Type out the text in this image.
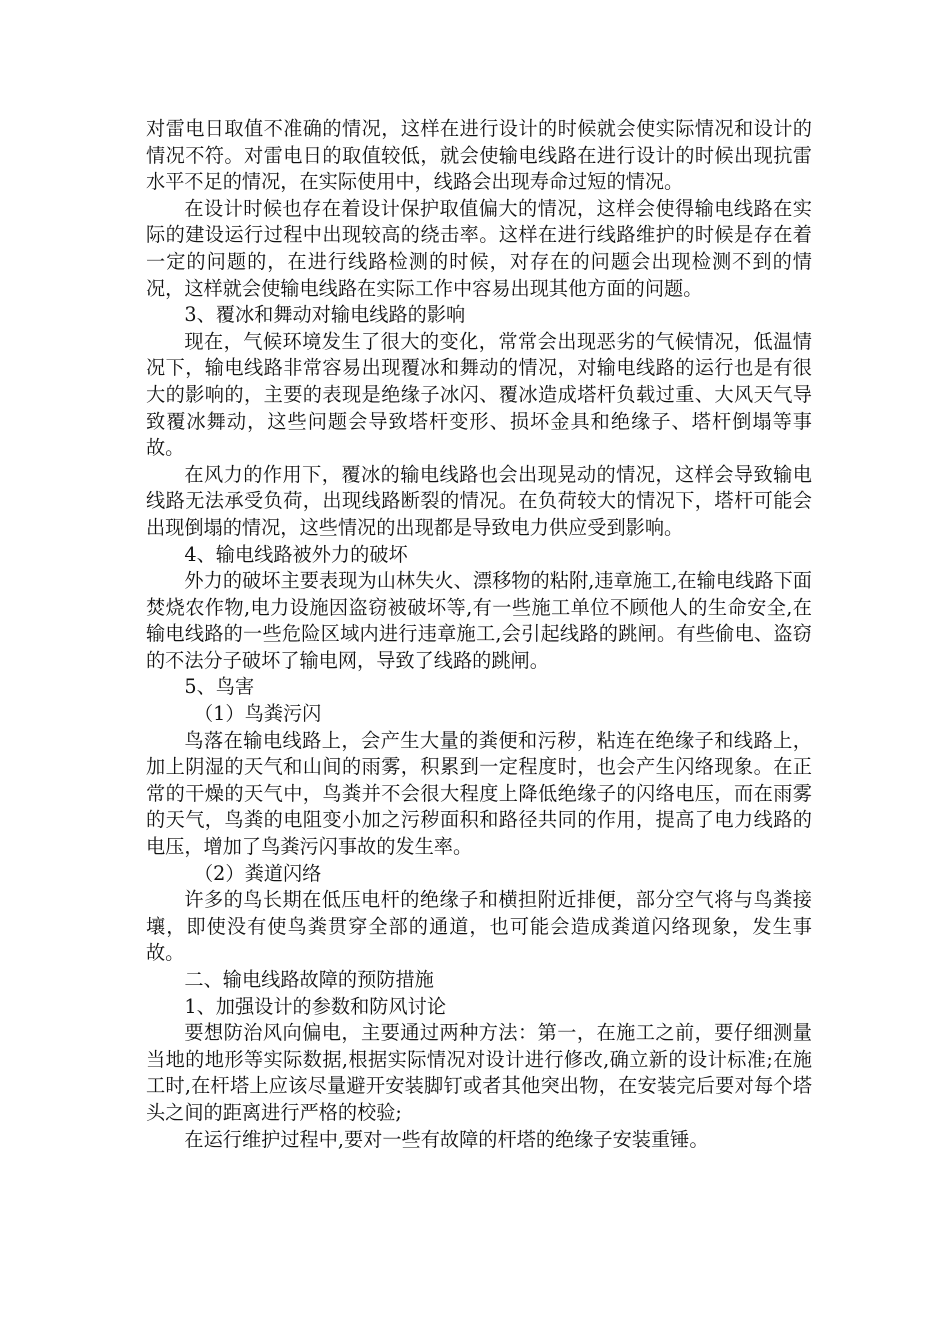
对雷电日取值不准确的情况，这样在进行设计的时候就会使实际情况和设计的情况不符。对雷电日的取值较低，就会使输电线路在进行设计的时候出现抗雷水平不足的情况，在实际使用中，线路会出现寿命过短的情况。

在设计时候也存在着设计保护取值偏大的情况，这样会使得输电线路在实际的建设运行过程中出现较高的绕击率。这样在进行线路维护的时候是存在着一定的问题的，在进行线路检测的时候，对存在的问题会出现检测不到的情况，这样就会使输电线路在实际工作中容易出现其他方面的问题。

3、覆冰和舞动对输电线路的影响

现在，气候环境发生了很大的变化，常常会出现恶劣的气候情况，低温情况下，输电线路非常容易出现覆冰和舞动的情况，对输电线路的运行也是有很大的影响的，主要的表现是绝缘子冰闪、覆冰造成塔杆负载过重、大风天气导致覆冰舞动，这些问题会导致塔杆变形、损坏金具和绝缘子、塔杆倒塌等事故。

在风力的作用下，覆冰的输电线路也会出现晃动的情况，这样会导致输电线路无法承受负荷，出现线路断裂的情况。在负荷较大的情况下，塔杆可能会出现倒塌的情况，这些情况的出现都是导致电力供应受到影响。

4、输电线路被外力的破坏

外力的破坏主要表现为山林失火、漂移物的粘附,违章施工,在输电线路下面焚烧农作物,电力设施因盗窃被破坏等,有一些施工单位不顾他人的生命安全,在输电线路的一些危险区域内进行违章施工,会引起线路的跳闸。有些偷电、盗窃的不法分子破坏了输电网，导致了线路的跳闸。

5、鸟害

（1）鸟粪污闪

鸟落在输电线路上，会产生大量的粪便和污秽，粘连在绝缘子和线路上，加上阴湿的天气和山间的雨雾，积累到一定程度时，也会产生闪络现象。在正常的干燥的天气中，鸟粪并不会很大程度上降低绝缘子的闪络电压，而在雨雾的天气，鸟粪的电阻变小加之污秽面积和路径共同的作用，提高了电力线路的电压，增加了鸟粪污闪事故的发生率。

（2）粪道闪络

许多的鸟长期在低压电杆的绝缘子和横担附近排便，部分空气将与鸟粪接壤，即使没有使鸟粪贯穿全部的通道，也可能会造成粪道闪络现象，发生事故。

二、输电线路故障的预防措施

1、加强设计的参数和防风讨论

要想防治风向偏电，主要通过两种方法：第一，在施工之前，要仔细测量当地的地形等实际数据,根据实际情况对设计进行修改,确立新的设计标准;在施工时,在杆塔上应该尽量避开安装脚钉或者其他突出物，在安装完后要对每个塔头之间的距离进行严格的校验;

在运行维护过程中,要对一些有故障的杆塔的绝缘子安装重锤。
